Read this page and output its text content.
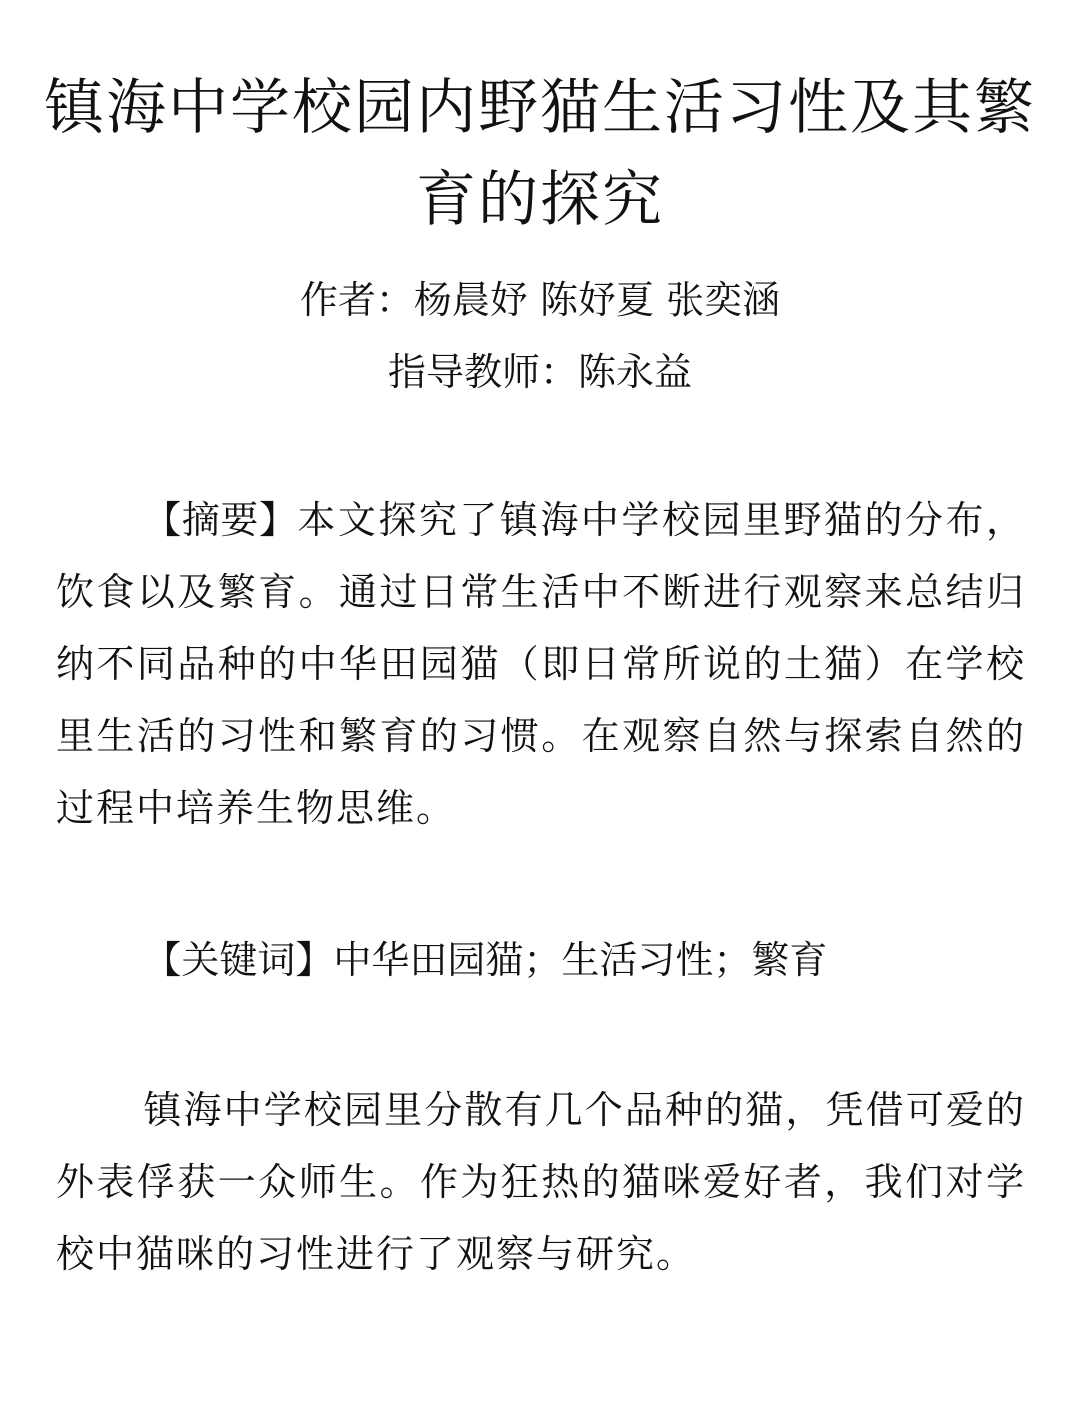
镇海中学校园内野猫生活习性及其繁育的探究
作者：杨晨妤 陈妤夏 张奕涵
指导教师：陈永益

【摘要】本文探究了镇海中学校园里野猫的分布，饮食以及繁育。通过日常生活中不断进行观察来总结归纳不同品种的中华田园猫（即日常所说的土猫）在学校里生活的习性和繁育的习惯。在观察自然与探索自然的过程中培养生物思维。

【关键词】中华田园猫；生活习性；繁育

镇海中学校园里分散有几个品种的猫，凭借可爱的外表俘获一众师生。作为狂热的猫咪爱好者，我们对学校中猫咪的习性进行了观察与研究。
